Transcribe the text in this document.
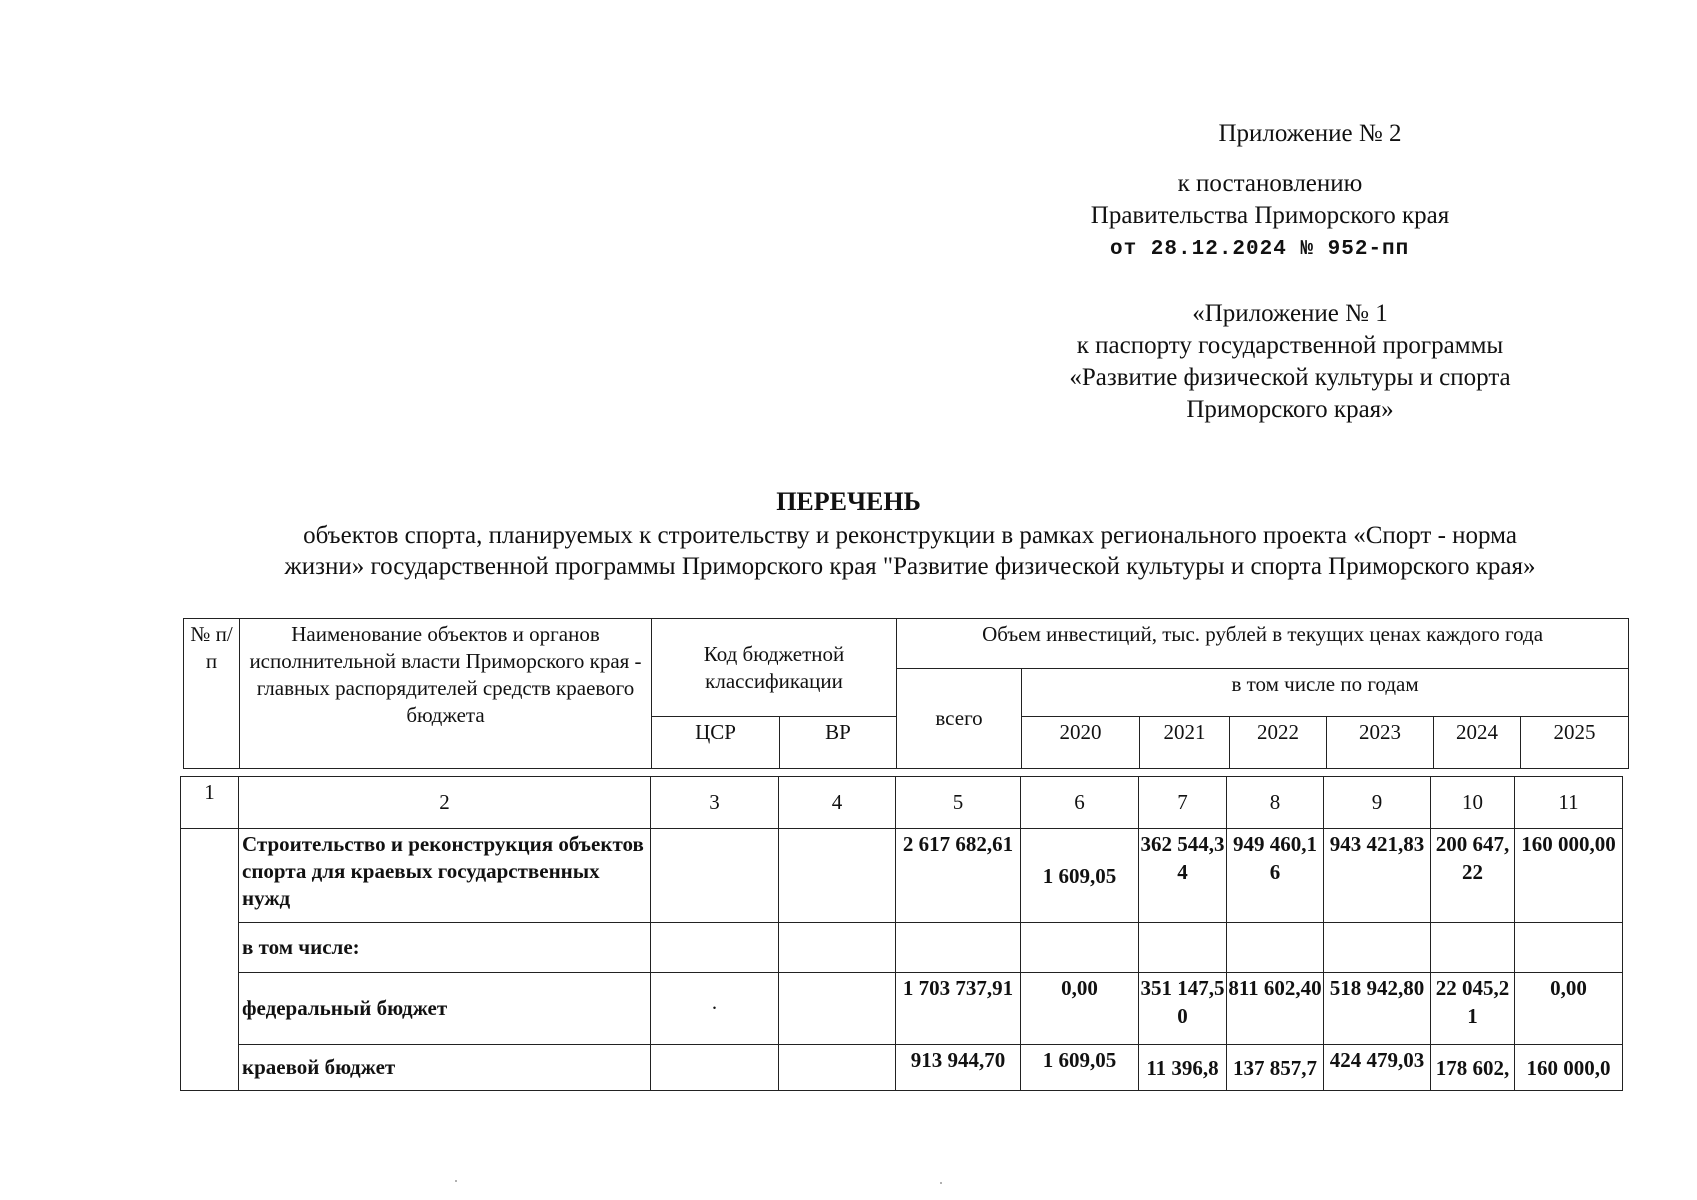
Приложение № 2
к постановлению
Правительства Приморского края
от 28.12.2024 № 952-пп
«Приложение № 1
к паспорту государственной программы
«Развитие физической культуры и спорта
Приморского края»
ПЕРЕЧЕНЬ
объектов спорта, планируемых к строительству и реконструкции в рамках регионального проекта «Спорт - норма
жизни» государственной программы Приморского края "Развитие физической культуры и спорта Приморского края»
№ п/п	Наименование объектов и органов исполнительной власти Приморского края - главных распорядителей средств краевого бюджета	Код бюджетной классификации		Объем инвестиций, тыс. рублей в текущих ценах каждого года						
				всего	в том числе по годам					
		ЦСР	ВР		2020	2021	2022	2023	2024	2025
1	2	3	4	5	6	7	8	9	10	11
	Строительство и реконструкция объектов спорта для краевых государственных нужд			2 617 682,61	1 609,05	362 544,34	949 460,16	943 421,83	200 647,22	160 000,00
	в том числе:									
	федеральный бюджет	·		1 703 737,91	0,00	351 147,50	811 602,40	518 942,80	22 045,21	0,00
	краевой бюджет			913 944,70	1 609,05	11 396,8	137 857,7	424 479,03	178 602,	160 000,0
